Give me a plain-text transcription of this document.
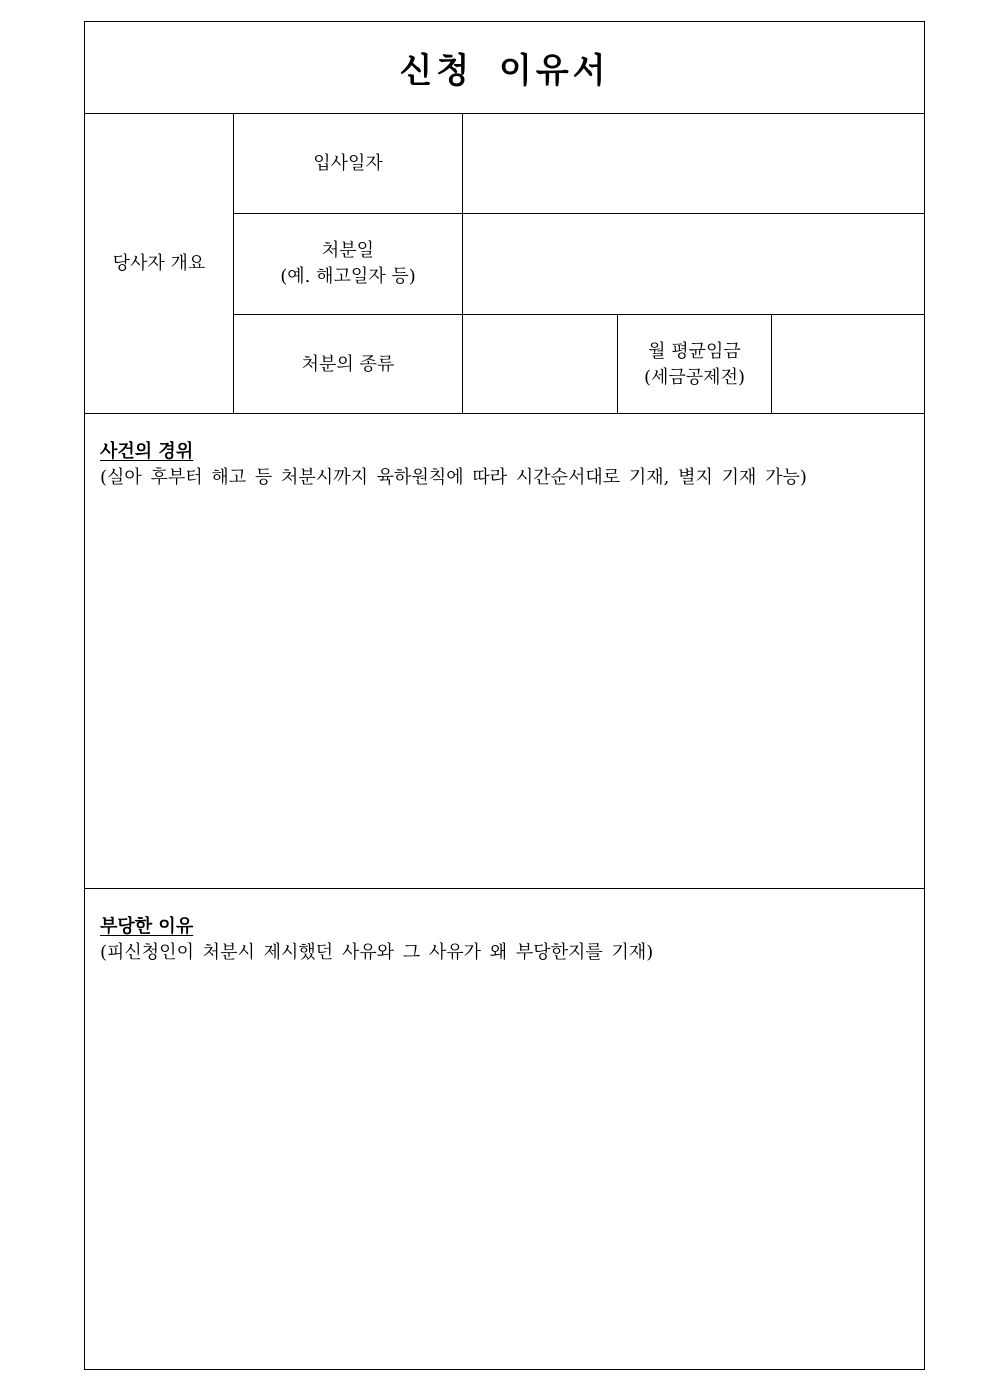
신청 이유서
당사자 개요
입사일자
처분일
(예. 해고일자 등)
처분의 종류
월 평균임금
(세금공제전)
사건의 경위
(실아 후부터 해고 등 처분시까지 육하원칙에 따라 시간순서대로 기재, 별지 기재 가능)
부당한 이유
(피신청인이 처분시 제시했던 사유와 그 사유가 왜 부당한지를 기재)
